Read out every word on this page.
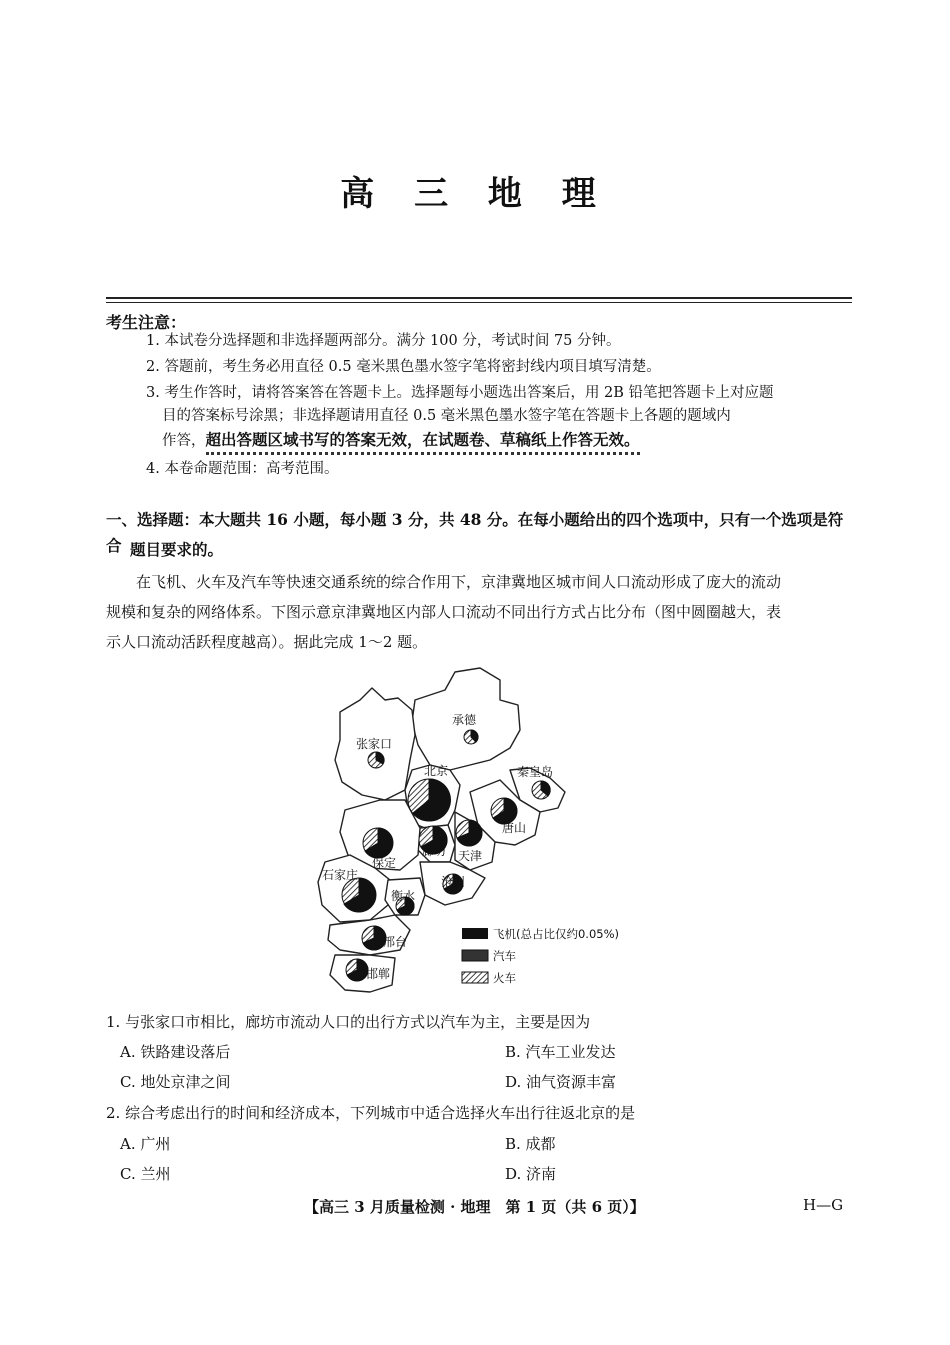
高 三 地 理
考生注意：
1. 本试卷分选择题和非选择题两部分。满分 100 分，考试时间 75 分钟。
2. 答题前，考生务必用直径 0.5 毫米黑色墨水签字笔将密封线内项目填写清楚。
3. 考生作答时，请将答案答在答题卡上。选择题每小题选出答案后，用 2B 铅笔把答题卡上对应题
目的答案标号涂黑；非选择题请用直径 0.5 毫米黑色墨水签字笔在答题卡上各题的题域内
作答，超出答题区域书写的答案无效，在试题卷、草稿纸上作答无效。
4. 本卷命题范围：高考范围。
一、选择题：本大题共 16 小题，每小题 3 分，共 48 分。在每小题给出的四个选项中，只有一个选项是符合 题目要求的。
在飞机、火车及汽车等快速交通系统的综合作用下，京津冀地区城市间人口流动形成了庞大的流动
规模和复杂的网络体系。下图示意京津冀地区内部人口流动不同出行方式占比分布（图中圆圈越大，表
示人口流动活跃程度越高）。据此完成 1～2 题。
承德
张家口
北京	秦皇岛
唐山
天津
廊坊
保定
石家庄	沧州
衡水
邢台
邯郸
飞机(总占比仅约0.05%)
汽车
火车
1. 与张家口市相比，廊坊市流动人口的出行方式以汽车为主，主要是因为
A. 铁路建设落后	B. 汽车工业发达
C. 地处京津之间	D. 油气资源丰富
2. 综合考虑出行的时间和经济成本，下列城市中适合选择火车出行往返北京的是
A. 广州	B. 成都
C. 兰州	D. 济南
【高三 3 月质量检测 · 地理　第 1 页（共 6 页）】	H—G
